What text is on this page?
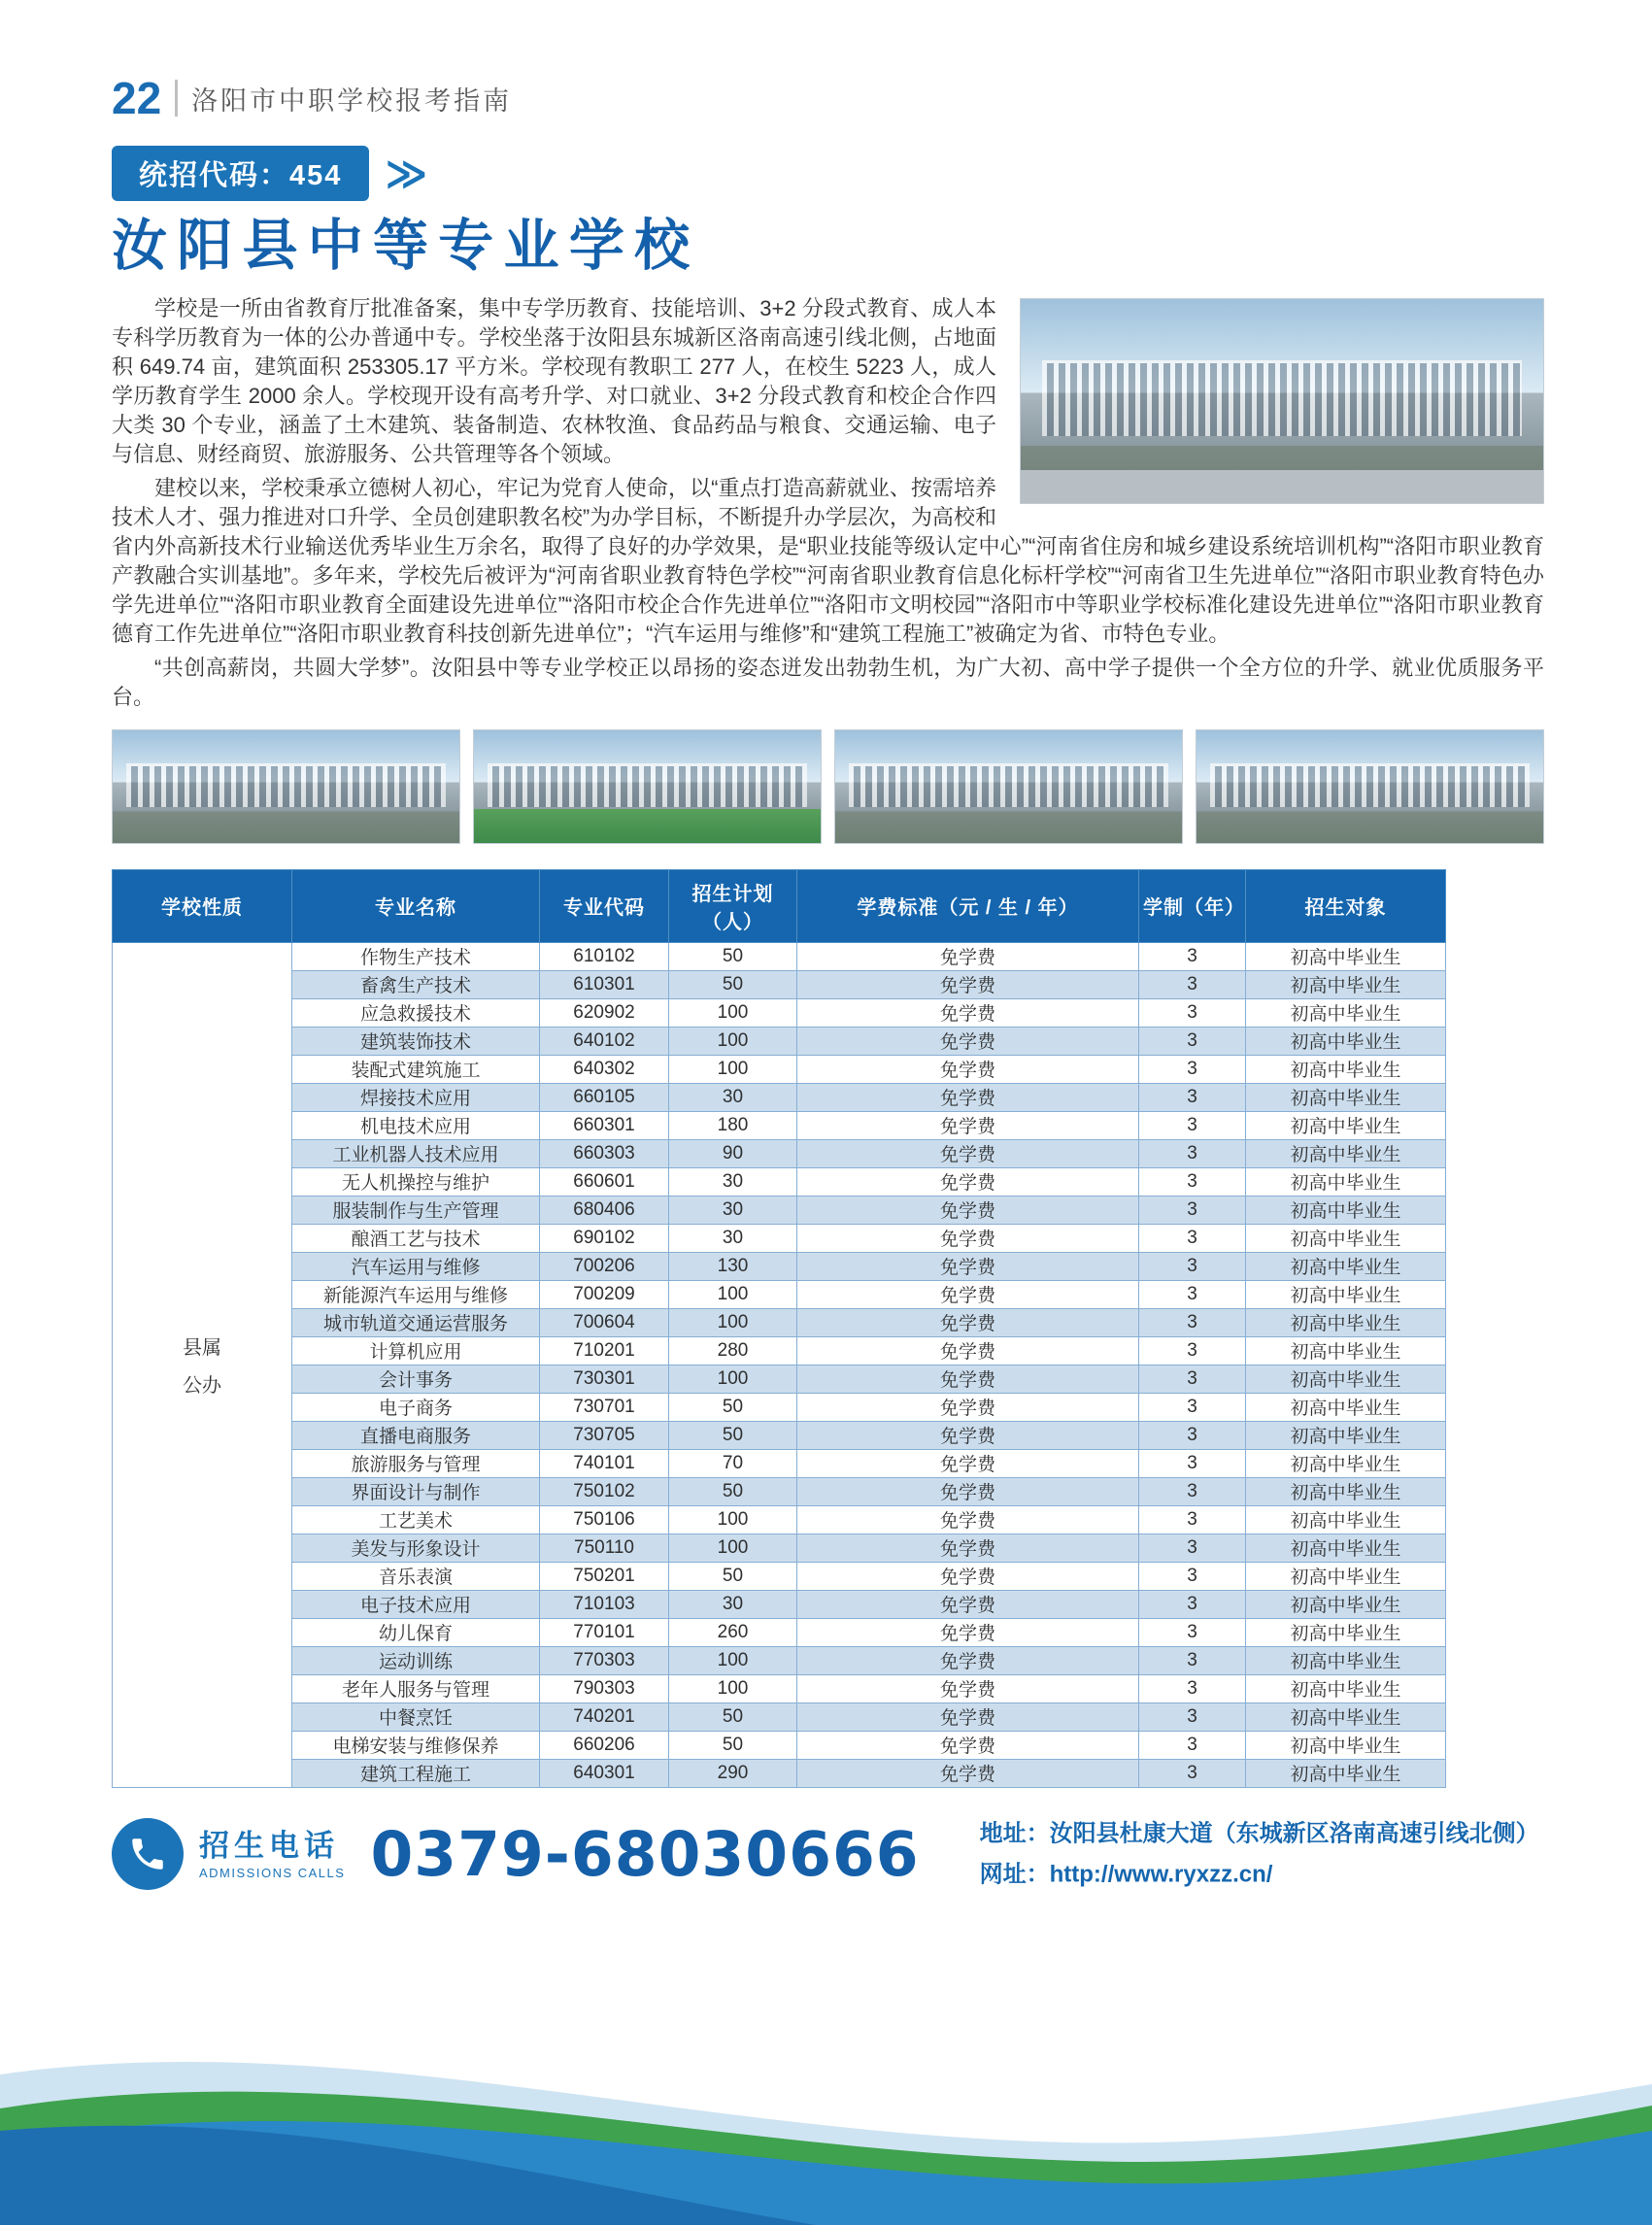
22 洛阳市中职学校报考指南
统招代码：454	≫
汝阳县中等专业学校

学校是一所由省教育厅批准备案，集中专学历教育、技能培训、3+2 分段式教育、成人本专科学历教育为一体的公办普通中专。学校坐落于汝阳县东城新区洛南高速引线北侧，占地面积 649.74 亩，建筑面积 253305.17 平方米。学校现有教职工 277 人，在校生 5223 人，成人学历教育学生 2000 余人。学校现开设有高考升学、对口就业、3+2 分段式教育和校企合作四大类 30 个专业，涵盖了土木建筑、装备制造、农林牧渔、食品药品与粮食、交通运输、电子与信息、财经商贸、旅游服务、公共管理等各个领域。

建校以来，学校秉承立德树人初心，牢记为党育人使命，以“重点打造高薪就业、按需培养技术人才、强力推进对口升学、全员创建职教名校”为办学目标，不断提升办学层次，为高校和省内外高新技术行业输送优秀毕业生万余名，取得了良好的办学效果，是“职业技能等级认定中心”“河南省住房和城乡建设系统培训机构”“洛阳市职业教育产教融合实训基地”。多年来，学校先后被评为“河南省职业教育特色学校”“河南省职业教育信息化标杆学校”“河南省卫生先进单位”“洛阳市职业教育特色办学先进单位”“洛阳市职业教育全面建设先进单位”“洛阳市校企合作先进单位”“洛阳市文明校园”“洛阳市中等职业学校标准化建设先进单位”“洛阳市职业教育德育工作先进单位”“洛阳市职业教育科技创新先进单位”；“汽车运用与维修”和“建筑工程施工”被确定为省、市特色专业。

“共创高薪岗，共圆大学梦”。汝阳县中等专业学校正以昂扬的姿态迸发出勃勃生机，为广大初、高中学子提供一个全方位的升学、就业优质服务平台。

学校性质	专业名称	专业代码	招生计划（人）	学费标准（元 / 生 / 年）	学制（年）	招生对象

县属
公办	作物生产技术	610102	50	免学费	3	初高中毕业生
	畜禽生产技术	610301	50	免学费	3	初高中毕业生
	应急救援技术	620902	100	免学费	3	初高中毕业生
	建筑装饰技术	640102	100	免学费	3	初高中毕业生
	装配式建筑施工	640302	100	免学费	3	初高中毕业生
	焊接技术应用	660105	30	免学费	3	初高中毕业生
	机电技术应用	660301	180	免学费	3	初高中毕业生
	工业机器人技术应用	660303	90	免学费	3	初高中毕业生
	无人机操控与维护	660601	30	免学费	3	初高中毕业生
	服装制作与生产管理	680406	30	免学费	3	初高中毕业生
	酿酒工艺与技术	690102	30	免学费	3	初高中毕业生
	汽车运用与维修	700206	130	免学费	3	初高中毕业生
	新能源汽车运用与维修	700209	100	免学费	3	初高中毕业生
	城市轨道交通运营服务	700604	100	免学费	3	初高中毕业生
	计算机应用	710201	280	免学费	3	初高中毕业生
	会计事务	730301	100	免学费	3	初高中毕业生
	电子商务	730701	50	免学费	3	初高中毕业生
	直播电商服务	730705	50	免学费	3	初高中毕业生
	旅游服务与管理	740101	70	免学费	3	初高中毕业生
	界面设计与制作	750102	50	免学费	3	初高中毕业生
	工艺美术	750106	100	免学费	3	初高中毕业生
	美发与形象设计	750110	100	免学费	3	初高中毕业生
	音乐表演	750201	50	免学费	3	初高中毕业生
	电子技术应用	710103	30	免学费	3	初高中毕业生
	幼儿保育	770101	260	免学费	3	初高中毕业生
	运动训练	770303	100	免学费	3	初高中毕业生
	老年人服务与管理	790303	100	免学费	3	初高中毕业生
	中餐烹饪	740201	50	免学费	3	初高中毕业生
	电梯安装与维修保养	660206	50	免学费	3	初高中毕业生
	建筑工程施工	640301	290	免学费	3	初高中毕业生
招生电话
ADMISSIONS CALLS 0379-68030666	地址：汝阳县杜康大道（东城新区洛南高速引线北侧）
网址：http://www.ryxzz.cn/
